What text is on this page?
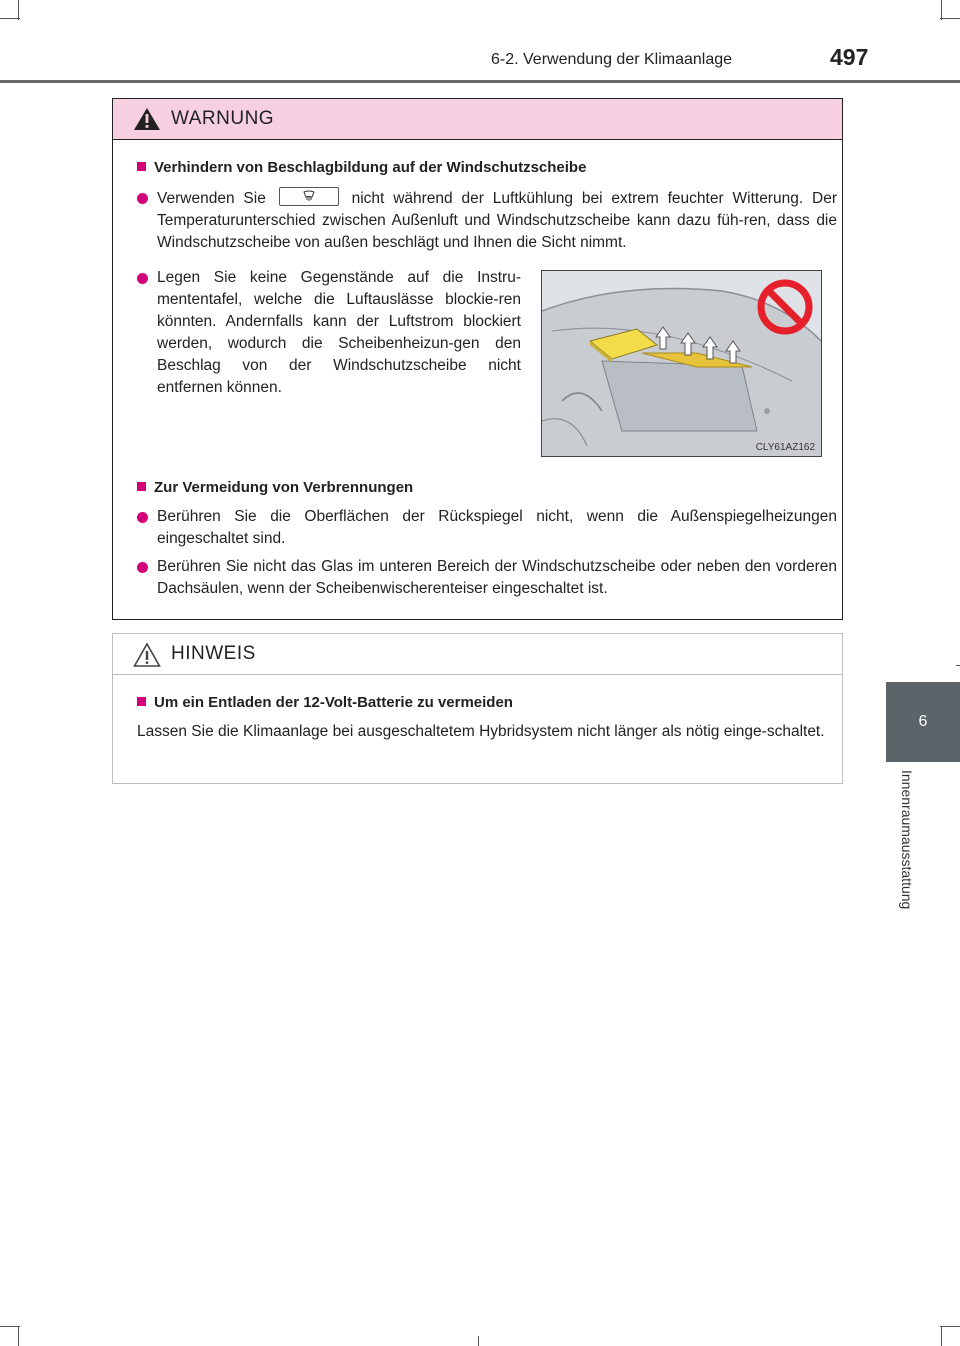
6-2. Verwendung der Klimaanlage	497
6
Innenraumausstattung
WARNUNG
Verhindern von Beschlagbildung auf der Windschutzscheibe
Verwenden Sie	nicht während der Luftkühlung bei extrem feuchter Witterung. Der Temperaturunterschied zwischen Außenluft und Windschutzscheibe kann dazu füh-ren, dass die Windschutzscheibe von außen beschlägt und Ihnen die Sicht nimmt.
Legen Sie keine Gegenstände auf die Instru-mententafel, welche die Luftauslässe blockie-ren könnten. Andernfalls kann der Luftstrom blockiert werden, wodurch die Scheibenheizun-gen den Beschlag von der Windschutzscheibe nicht entfernen können.
CLY61AZ162
Zur Vermeidung von Verbrennungen
Berühren Sie die Oberflächen der Rückspiegel nicht, wenn die Außenspiegelheizungen eingeschaltet sind.
Berühren Sie nicht das Glas im unteren Bereich der Windschutzscheibe oder neben den vorderen Dachsäulen, wenn der Scheibenwischerenteiser eingeschaltet ist.
HINWEIS
Um ein Entladen der 12-Volt-Batterie zu vermeiden
Lassen Sie die Klimaanlage bei ausgeschaltetem Hybridsystem nicht länger als nötig einge-schaltet.
